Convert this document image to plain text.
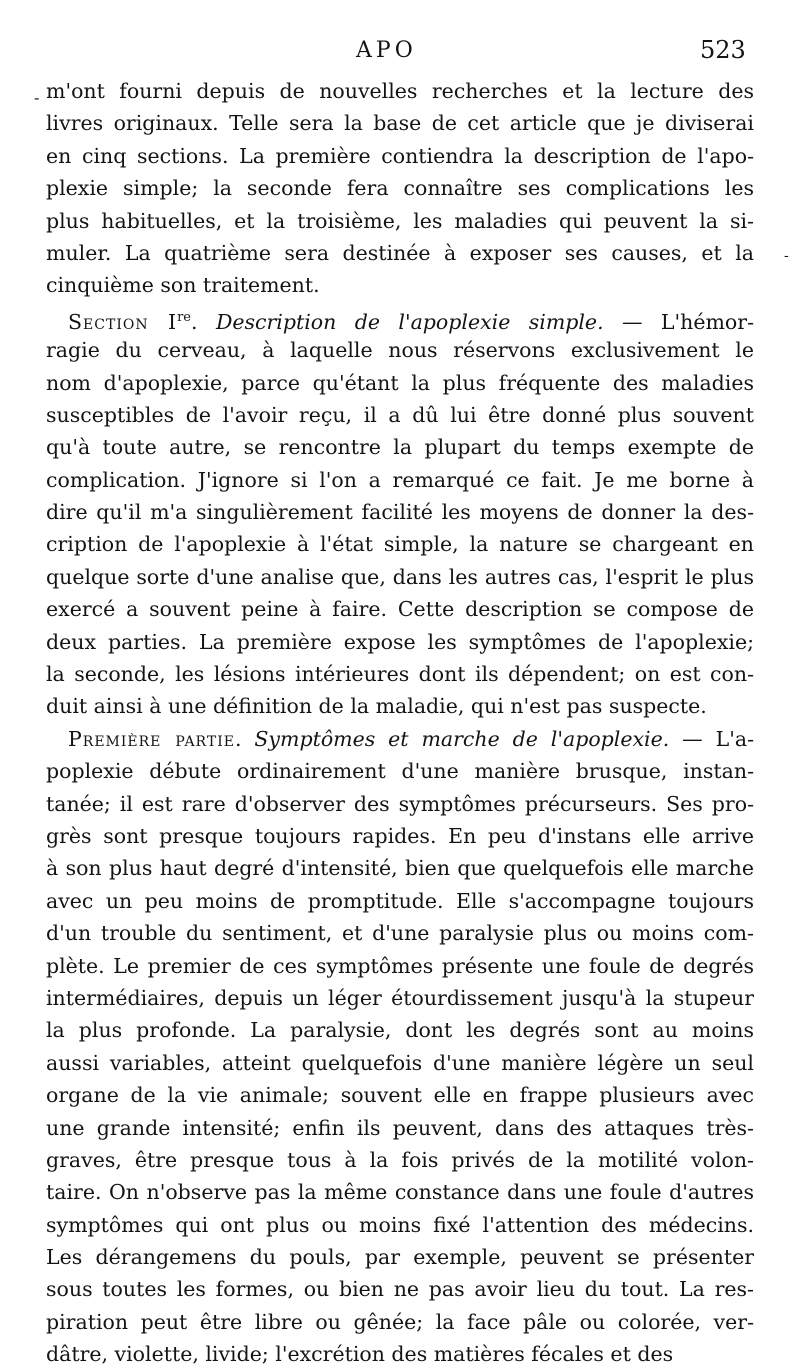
APO	523
-
-
m'ont fourni depuis de nouvelles recherches et la lecture des
livres originaux. Telle sera la base de cet article que je diviserai
en cinq sections. La première contiendra la description de l'apo-
plexie simple; la seconde fera connaître ses complications les
plus habituelles, et la troisième, les maladies qui peuvent la si-
muler. La quatrième sera destinée à exposer ses causes, et la
cinquième son traitement.
Section Ire. Description de l'apoplexie simple. — L'hémor-
ragie du cerveau, à laquelle nous réservons exclusivement le
nom d'apoplexie, parce qu'étant la plus fréquente des maladies
susceptibles de l'avoir reçu, il a dû lui être donné plus souvent
qu'à toute autre, se rencontre la plupart du temps exempte de
complication. J'ignore si l'on a remarqué ce fait. Je me borne à
dire qu'il m'a singulièrement facilité les moyens de donner la des-
cription de l'apoplexie à l'état simple, la nature se chargeant en
quelque sorte d'une analise que, dans les autres cas, l'esprit le plus
exercé a souvent peine à faire. Cette description se compose de
deux parties. La première expose les symptômes de l'apoplexie;
la seconde, les lésions intérieures dont ils dépendent; on est con-
duit ainsi à une définition de la maladie, qui n'est pas suspecte.
Première partie. Symptômes et marche de l'apoplexie. — L'a-
poplexie débute ordinairement d'une manière brusque, instan-
tanée; il est rare d'observer des symptômes précurseurs. Ses pro-
grès sont presque toujours rapides. En peu d'instans elle arrive
à son plus haut degré d'intensité, bien que quelquefois elle marche
avec un peu moins de promptitude. Elle s'accompagne toujours
d'un trouble du sentiment, et d'une paralysie plus ou moins com-
plète. Le premier de ces symptômes présente une foule de degrés
intermédiaires, depuis un léger étourdissement jusqu'à la stupeur
la plus profonde. La paralysie, dont les degrés sont au moins
aussi variables, atteint quelquefois d'une manière légère un seul
organe de la vie animale; souvent elle en frappe plusieurs avec
une grande intensité; enfin ils peuvent, dans des attaques très-
graves, être presque tous à la fois privés de la motilité volon-
taire. On n'observe pas la même constance dans une foule d'autres
symptômes qui ont plus ou moins fixé l'attention des médecins.
Les dérangemens du pouls, par exemple, peuvent se présenter
sous toutes les formes, ou bien ne pas avoir lieu du tout. La res-
piration peut être libre ou gênée; la face pâle ou colorée, ver-
dâtre, violette, livide; l'excrétion des matières fécales et des
